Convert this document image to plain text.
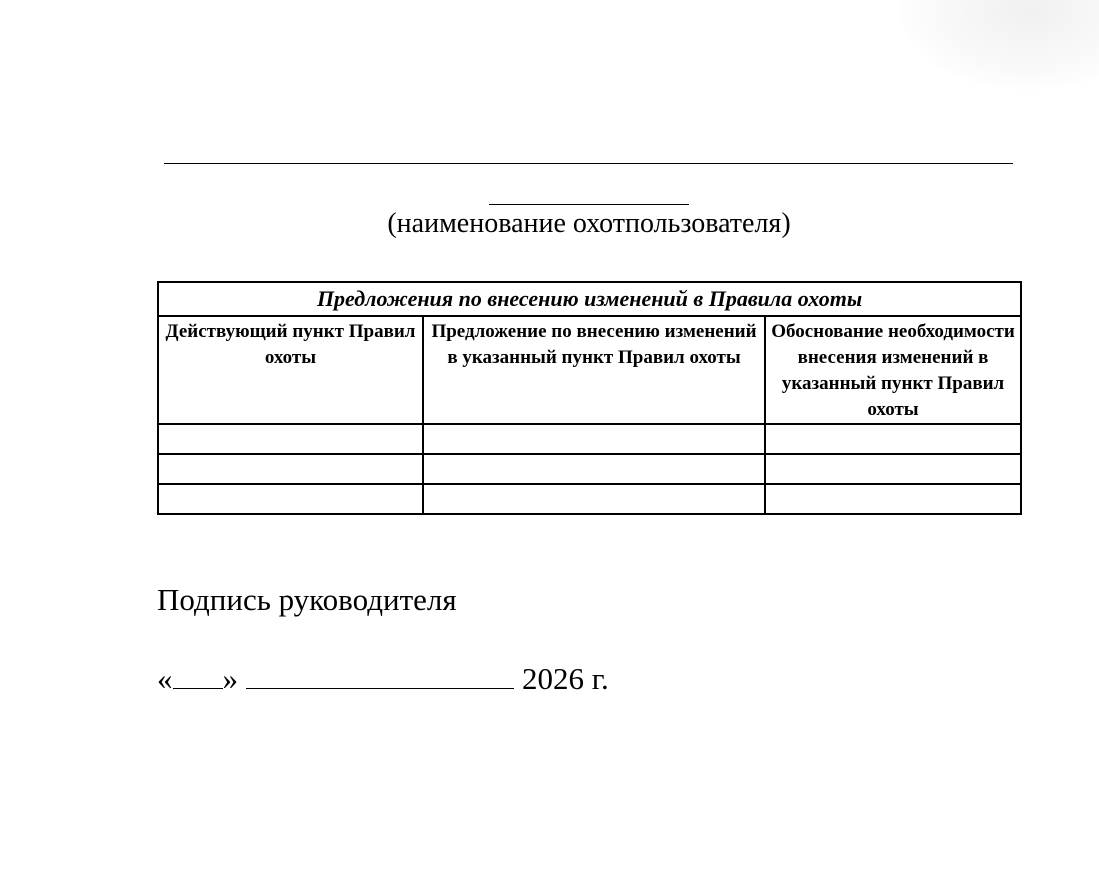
(наименование охотпользователя)
Предложения по внесению изменений в Правила охоты		
Действующий пункт Правил охоты	Предложение по внесению изменений в указанный пункт Правил охоты	Обоснование необходимости внесения изменений в указанный пункт Правил охоты

Подпись руководителя
« »	2026 г.
